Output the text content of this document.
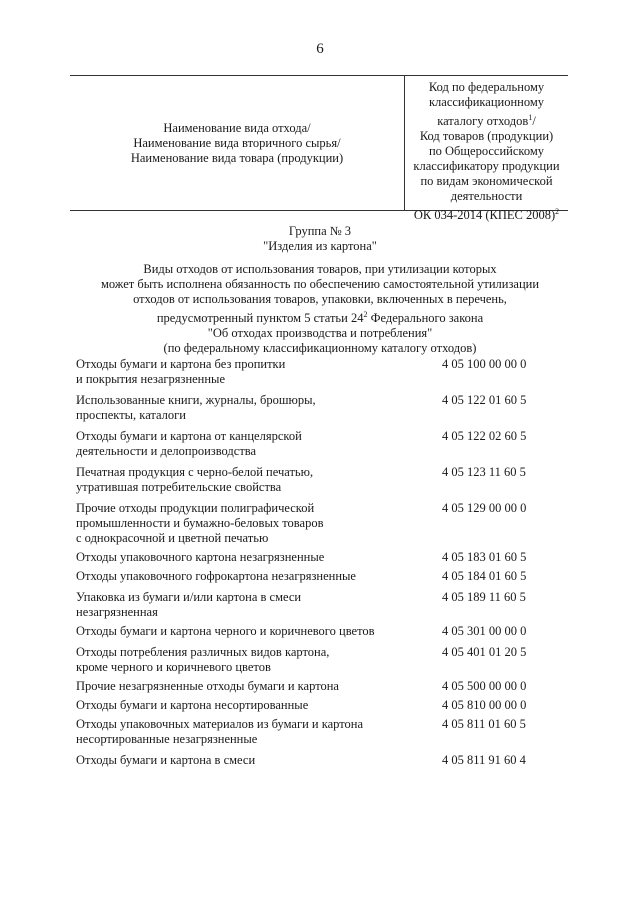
6
Наименование вида отхода/
Наименование вида вторичного сырья/
Наименование вида товара (продукции)
Код по федеральному
классификационному
каталогу отходов$^1$/
Код товаров (продукции)
по Общероссийскому
классификатору продукции
по видам экономической
деятельности
ОК 034-2014 (КПЕС 2008)$^2$
Группа № 3
"Изделия из картона"
Виды отходов от использования товаров, при утилизации которых
может быть исполнена обязанность по обеспечению самостоятельной утилизации
отходов от использования товаров, упаковки, включенных в перечень,
предусмотренный пунктом 5 статьи $24^2$ Федерального закона
"Об отходах производства и потребления"
(по федеральному классификационному каталогу отходов)
Отходы бумаги и картона без пропитки
и покрытия незагрязненные
4 05 100 00 00 0
Использованные книги, журналы, брошюры,
проспекты, каталоги
4 05 122 01 60 5
Отходы бумаги и картона от канцелярской
деятельности и делопроизводства
4 05 122 02 60 5
Печатная продукция с черно-белой печатью,
утратившая потребительские свойства
4 05 123 11 60 5
Прочие отходы продукции полиграфической
промышленности и бумажно-беловых товаров
с однокрасочной и цветной печатью
4 05 129 00 00 0
Отходы упаковочного картона незагрязненные	4 05 183 01 60 5
Отходы упаковочного гофрокартона незагрязненные	4 05 184 01 60 5
Упаковка из бумаги и/или картона в смеси
незагрязненная
4 05 189 11 60 5
Отходы бумаги и картона черного и коричневого цветов	4 05 301 00 00 0
Отходы потребления различных видов картона,
кроме черного и коричневого цветов
4 05 401 01 20 5
Прочие незагрязненные отходы бумаги и картона	4 05 500 00 00 0
Отходы бумаги и картона несортированные	4 05 810 00 00 0
Отходы упаковочных материалов из бумаги и картона
несортированные незагрязненные
4 05 811 01 60 5
Отходы бумаги и картона в смеси	4 05 811 91 60 4
